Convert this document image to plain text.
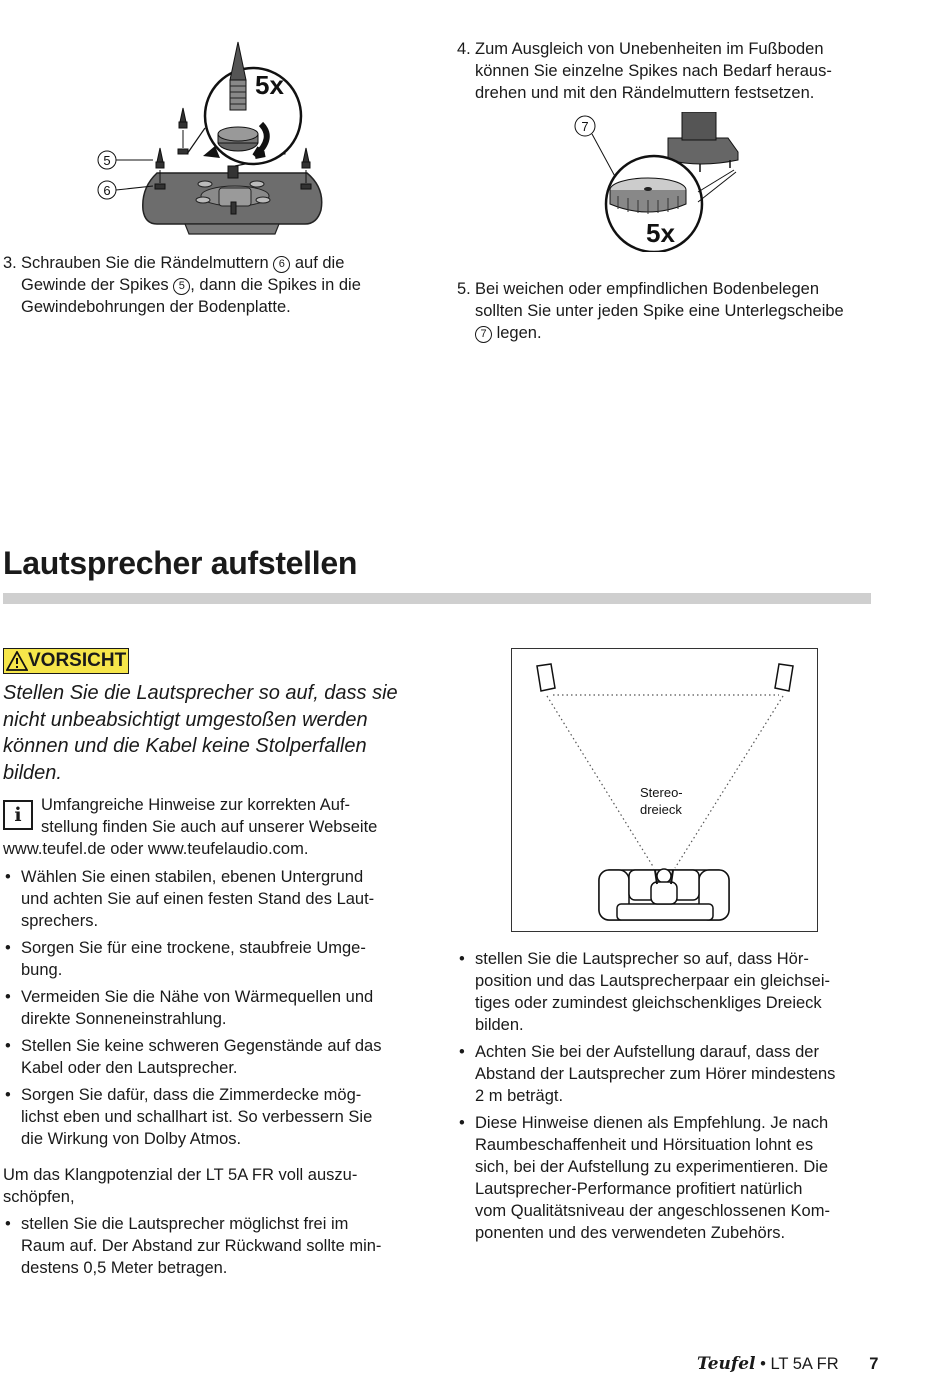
5x
5
6
3. Schrauben Sie die Rändelmuttern 6 auf die
Gewinde der Spikes 5 , dann die Spikes in die
Gewindebohrungen der Bodenplatte.
4. Zum Ausgleich von Unebenheiten im Fußboden
können Sie einzelne Spikes nach Bedarf heraus-
drehen und mit den Rändelmuttern festsetzen.
7
5x
5. Bei weichen oder empfindlichen Bodenbelegen
sollten Sie unter jeden Spike eine Unterlegscheibe
7 legen.
Lautsprecher aufstellen
VORSICHT
Stellen Sie die Lautsprecher so auf, dass sie
nicht unbeabsichtigt umgestoßen werden
können und die Kabel keine Stolperfallen
bilden.
i	Umfangreiche Hinweise zur korrekten Auf-
stellung finden Sie auch auf unserer Webseite
www.teufel.de oder www.teufelaudio.com.
• Wählen Sie einen stabilen, ebenen Untergrund
und achten Sie auf einen festen Stand des Laut-
sprechers.
• Sorgen Sie für eine trockene, staubfreie Umge-
bung.
• Vermeiden Sie die Nähe von Wärmequellen und
direkte Sonneneinstrahlung.
• Stellen Sie keine schweren Gegenstände auf das
Kabel oder den Lautsprecher.
• Sorgen Sie dafür, dass die Zimmerdecke mög-
lichst eben und schallhart ist. So verbessern Sie
die Wirkung von Dolby Atmos.
Um das Klangpotenzial der LT 5A FR voll auszu-
schöpfen,
• stellen Sie die Lautsprecher möglichst frei im
Raum auf. Der Abstand zur Rückwand sollte min-
destens 0,5 Meter betragen.
Stereo-
dreieck
• stellen Sie die Lautsprecher so auf, dass Hör-
position und das Lautsprecherpaar ein gleichsei-
tiges oder zumindest gleichschenkliges Dreieck
bilden.
• Achten Sie bei der Aufstellung darauf, dass der
Abstand der Lautsprecher zum Hörer mindestens
2 m beträgt.
• Diese Hinweise dienen als Empfehlung. Je nach
Raumbeschaffenheit und Hörsituation lohnt es
sich, bei der Aufstellung zu experimentieren. Die
Lautsprecher-Performance profitiert natürlich
vom Qualitätsniveau der angeschlossenen Kom-
ponenten und des verwendeten Zubehörs.
Teufel • LT 5A FR 7
